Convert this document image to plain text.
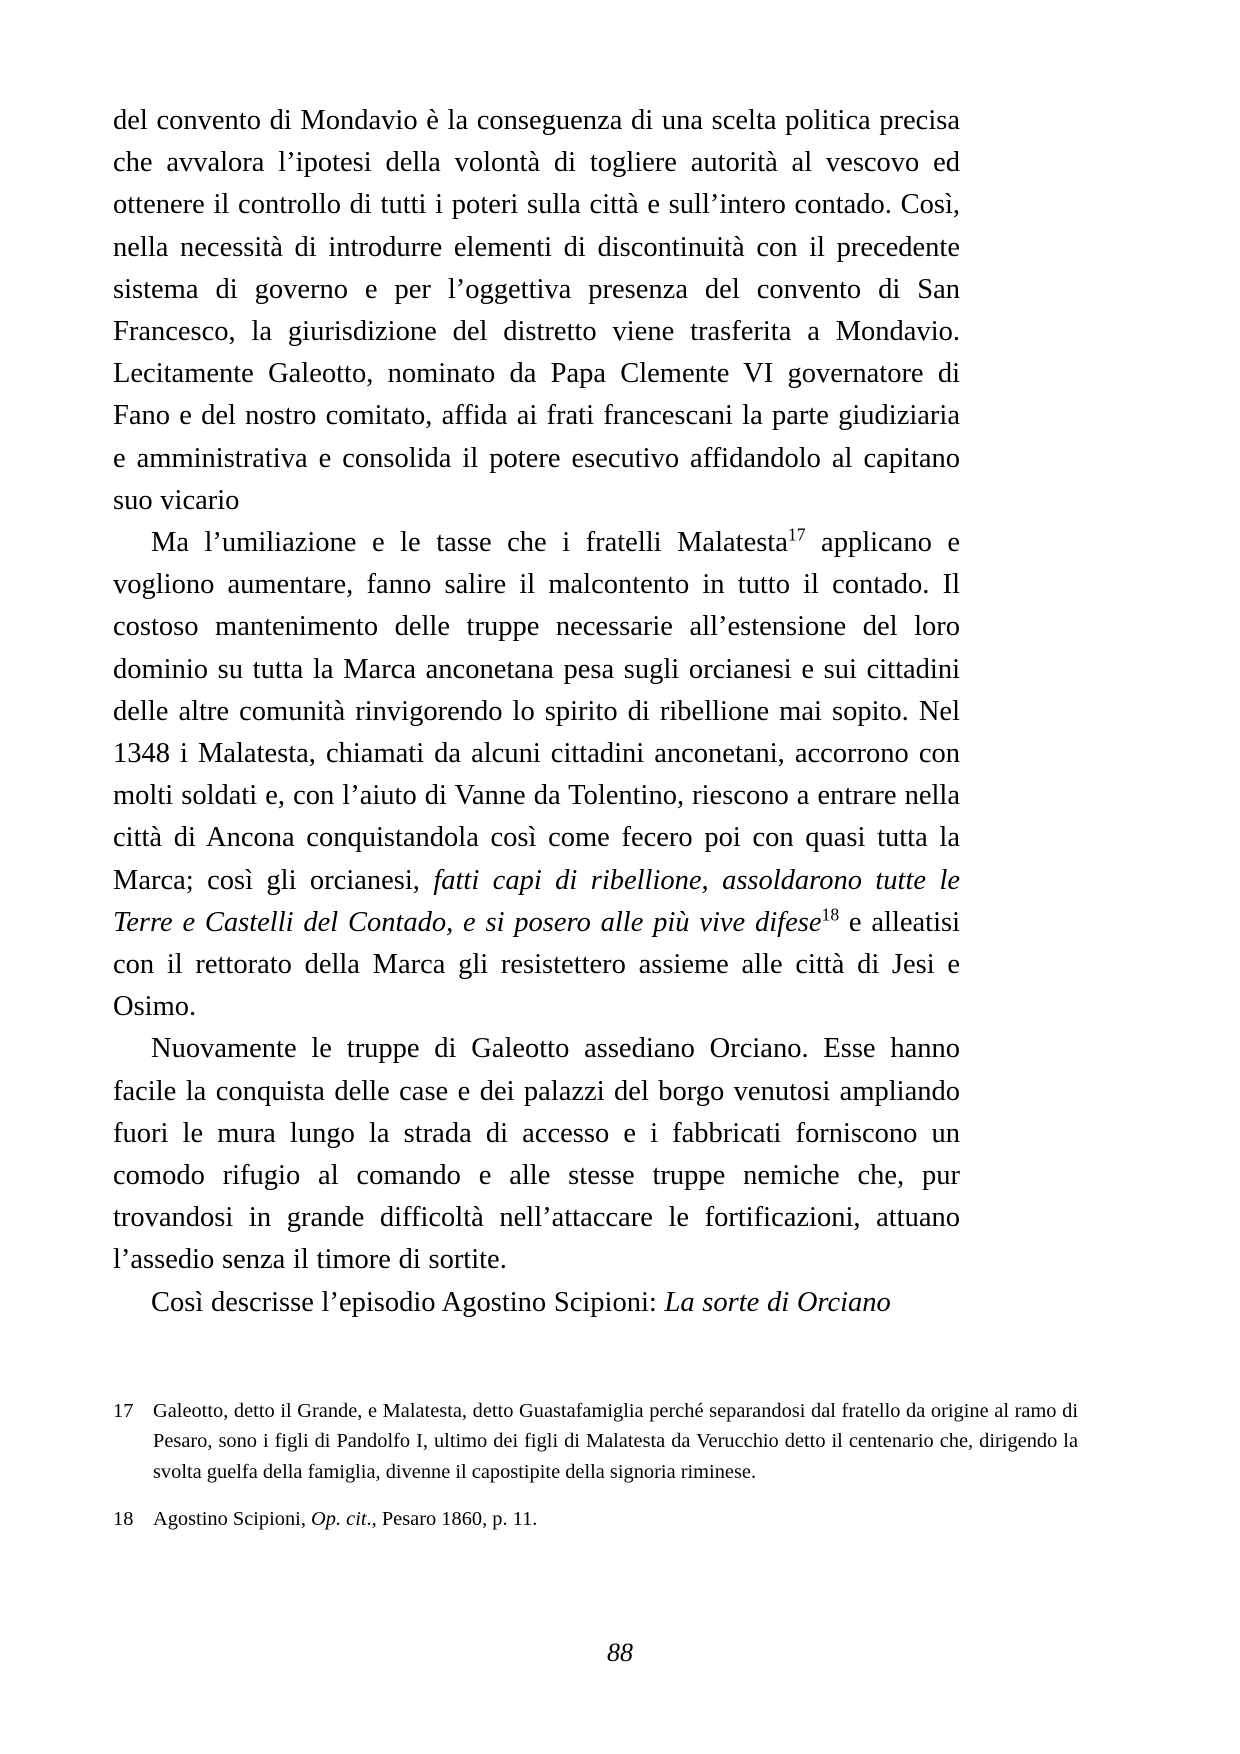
del convento di Mondavio è la conseguenza di una scelta politica precisa che avvalora l’ipotesi della volontà di togliere autorità al vescovo ed ottenere il controllo di tutti i poteri sulla città e sull’intero contado. Così, nella necessità di introdurre elementi di discontinuità con il precedente sistema di governo e per l’oggettiva presenza del convento di San Francesco, la giurisdizione del distretto viene trasferita a Mondavio. Lecitamente Galeotto, nominato da Papa Clemente VI governatore di Fano e del nostro comitato, affida ai frati francescani la parte giudiziaria e amministrativa e consolida il potere esecutivo affidandolo al capitano suo vicario

Ma l’umiliazione e le tasse che i fratelli Malatesta$^{17}$ applicano e vogliono aumentare, fanno salire il malcontento in tutto il contado. Il costoso mantenimento delle truppe necessarie all’estensione del loro dominio su tutta la Marca anconetana pesa sugli orcianesi e sui cittadini delle altre comunità rinvigorendo lo spirito di ribellione mai sopito. Nel 1348 i Malatesta, chiamati da alcuni cittadini anconetani, accorrono con molti soldati e, con l’aiuto di Vanne da Tolentino, riescono a entrare nella città di Ancona conquistandola così come fecero poi con quasi tutta la Marca; così gli orcianesi, fatti capi di ribellione, assoldarono tutte le Terre e Castelli del Contado, e si posero alle più vive difese$^{18}$ e alleatisi con il rettorato della Marca gli resistettero assieme alle città di Jesi e Osimo.

Nuovamente le truppe di Galeotto assediano Orciano. Esse hanno facile la conquista delle case e dei palazzi del borgo venutosi ampliando fuori le mura lungo la strada di accesso e i fabbricati forniscono un comodo rifugio al comando e alle stesse truppe nemiche che, pur trovandosi in grande difficoltà nell’attaccare le fortificazioni, attuano l’assedio senza il timore di sortite.

Così descrisse l’episodio Agostino Scipioni: La sorte di Orciano

17 Galeotto, detto il Grande, e Malatesta, detto Guastafamiglia perché separandosi dal fratello da origine al ramo di Pesaro, sono i figli di Pandolfo I, ultimo dei figli di Malatesta da Verucchio detto il centenario che, dirigendo la svolta guelfa della famiglia, divenne il capostipite della signoria riminese.
18 Agostino Scipioni, Op. cit., Pesaro 1860, p. 11.
88
